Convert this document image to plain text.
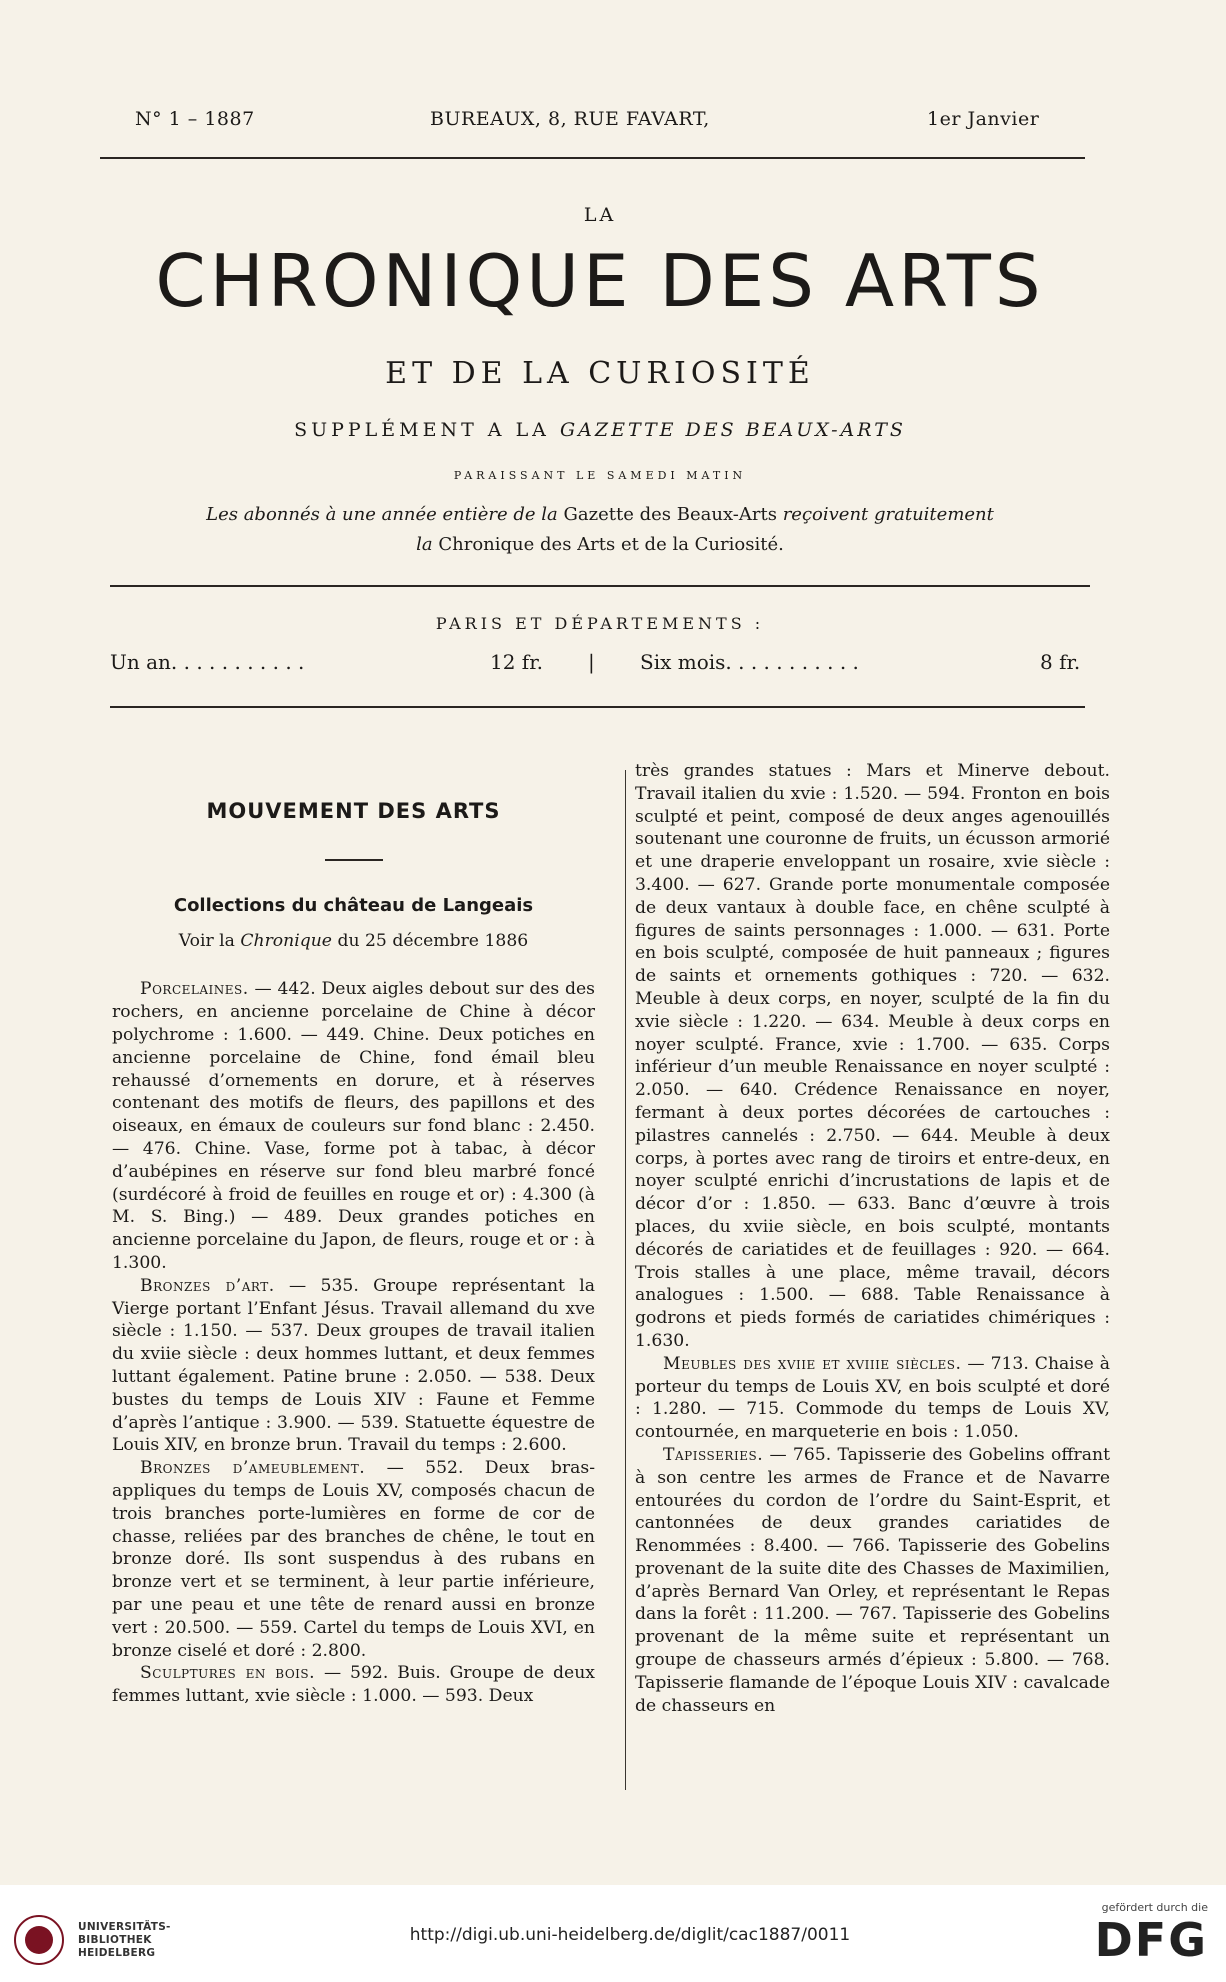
N° 1 – 1887	BUREAUX, 8, RUE FAVART,	1er Janvier
LA
CHRONIQUE DES ARTS
ET DE LA CURIOSITÉ
SUPPLÉMENT A LA GAZETTE DES BEAUX-ARTS
PARAISSANT LE SAMEDI MATIN
Les abonnés à une année entière de la Gazette des Beaux-Arts reçoivent gratuitement
la Chronique des Arts et de la Curiosité.
PARIS ET DÉPARTEMENTS :
Un an. . . . . . . . . . .	12 fr. | Six mois. . . . . . . . . . .	8 fr.
MOUVEMENT DES ARTS
Collections du château de Langeais
Voir la Chronique du 25 décembre 1886

Porcelaines. — 442. Deux aigles debout sur des des rochers, en ancienne porcelaine de Chine à décor polychrome : 1.600. — 449. Chine. Deux potiches en ancienne porcelaine de Chine, fond émail bleu rehaussé d’ornements en dorure, et à réserves contenant des motifs de fleurs, des papillons et des oiseaux, en émaux de couleurs sur fond blanc : 2.450. — 476. Chine. Vase, forme pot à tabac, à décor d’aubépines en réserve sur fond bleu marbré foncé (surdécoré à froid de feuilles en rouge et or) : 4.300 (à M. S. Bing.) — 489. Deux grandes potiches en ancienne porcelaine du Japon, de fleurs, rouge et or : à 1.300.

Bronzes d’art. — 535. Groupe représentant la Vierge portant l’Enfant Jésus. Travail allemand du xve siècle : 1.150. — 537. Deux groupes de travail italien du xviie siècle : deux hommes luttant, et deux femmes luttant également. Patine brune : 2.050. — 538. Deux bustes du temps de Louis XIV : Faune et Femme d’après l’antique : 3.900. — 539. Statuette équestre de Louis XIV, en bronze brun. Travail du temps : 2.600.

Bronzes d’ameublement. — 552. Deux bras-appliques du temps de Louis XV, composés chacun de trois branches porte-lumières en forme de cor de chasse, reliées par des branches de chêne, le tout en bronze doré. Ils sont suspendus à des rubans en bronze vert et se terminent, à leur partie inférieure, par une peau et une tête de renard aussi en bronze vert : 20.500. — 559. Cartel du temps de Louis XVI, en bronze ciselé et doré : 2.800.

Sculptures en bois. — 592. Buis. Groupe de deux femmes luttant, xvie siècle : 1.000. — 593. Deux

très grandes statues : Mars et Minerve debout. Travail italien du xvie : 1.520. — 594. Fronton en bois sculpté et peint, composé de deux anges agenouillés soutenant une couronne de fruits, un écusson armorié et une draperie enveloppant un rosaire, xvie siècle : 3.400. — 627. Grande porte monumentale composée de deux vantaux à double face, en chêne sculpté à figures de saints personnages : 1.000. — 631. Porte en bois sculpté, composée de huit panneaux ; figures de saints et ornements gothiques : 720. — 632. Meuble à deux corps, en noyer, sculpté de la fin du xvie siècle : 1.220. — 634. Meuble à deux corps en noyer sculpté. France, xvie : 1.700. — 635. Corps inférieur d’un meuble Renaissance en noyer sculpté : 2.050. — 640. Crédence Renaissance en noyer, fermant à deux portes décorées de cartouches : pilastres cannelés : 2.750. — 644. Meuble à deux corps, à portes avec rang de tiroirs et entre-deux, en noyer sculpté enrichi d’incrustations de lapis et de décor d’or : 1.850. — 633. Banc d’œuvre à trois places, du xviie siècle, en bois sculpté, montants décorés de cariatides et de feuillages : 920. — 664. Trois stalles à une place, même travail, décors analogues : 1.500. — 688. Table Renaissance à godrons et pieds formés de cariatides chimériques : 1.630.

Meubles des xviie et xviiie siècles. — 713. Chaise à porteur du temps de Louis XV, en bois sculpté et doré : 1.280. — 715. Commode du temps de Louis XV, contournée, en marqueterie en bois : 1.050.

Tapisseries. — 765. Tapisserie des Gobelins offrant à son centre les armes de France et de Navarre entourées du cordon de l’ordre du Saint-Esprit, et cantonnées de deux grandes cariatides de Renommées : 8.400. — 766. Tapisserie des Gobelins provenant de la suite dite des Chasses de Maximilien, d’après Bernard Van Orley, et représentant le Repas dans la forêt : 11.200. — 767. Tapisserie des Gobelins provenant de la même suite et représentant un groupe de chasseurs armés d’épieux : 5.800. — 768. Tapisserie flamande de l’époque Louis XIV : cavalcade de chasseurs en

UNIVERSITÄTS-
BIBLIOTHEK
HEIDELBERG
http://digi.ub.uni-heidelberg.de/diglit/cac1887/0011
gefördert durch die
DFG
